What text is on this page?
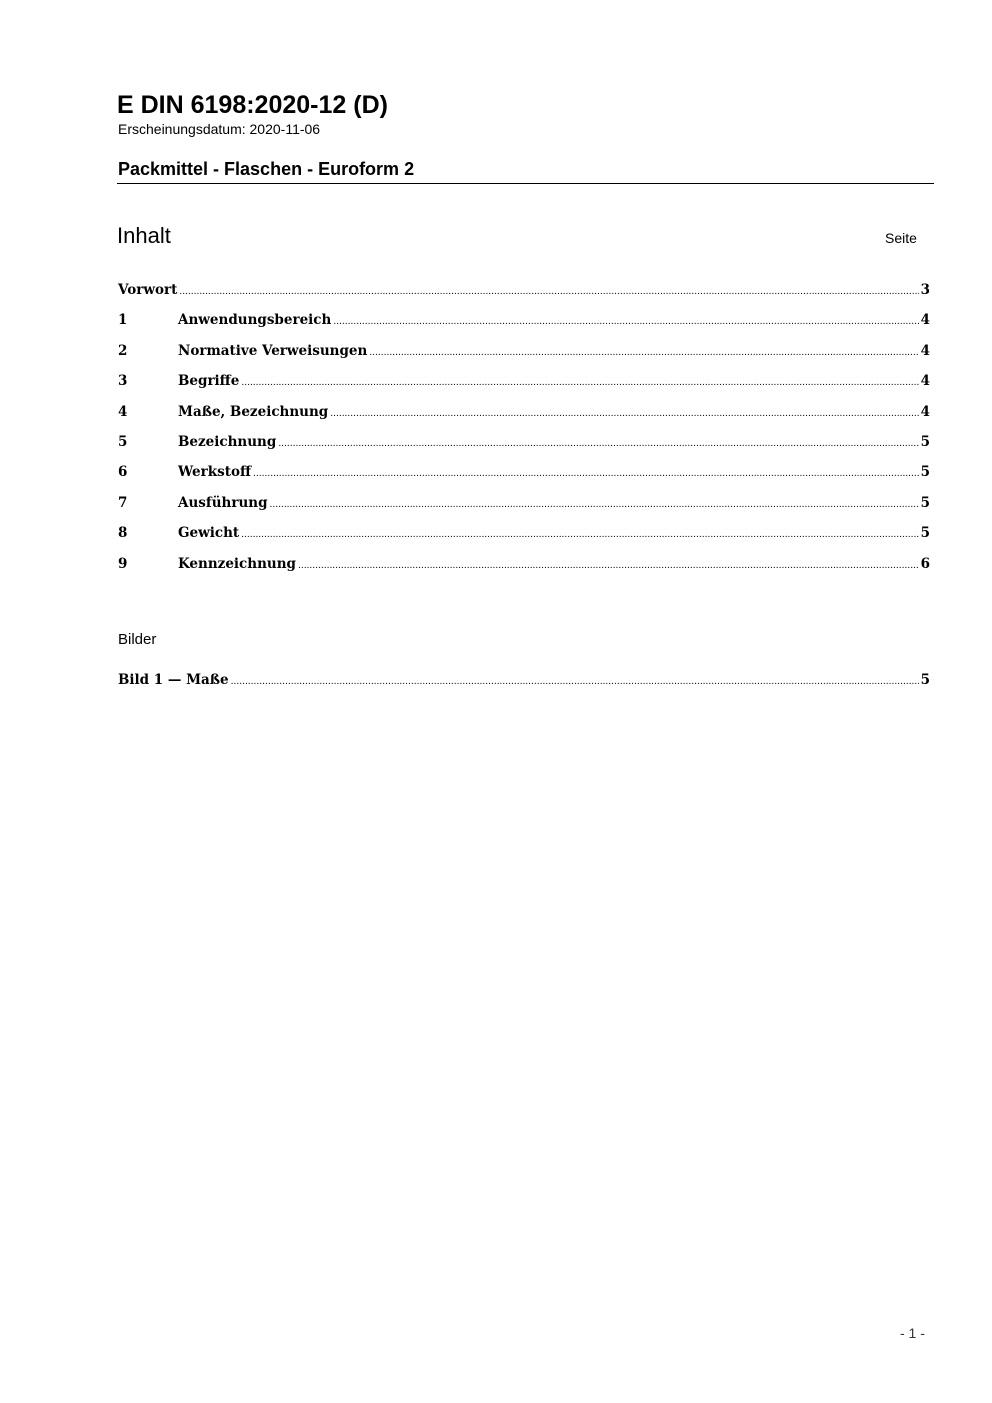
E DIN 6198:2020-12 (D)
Erscheinungsdatum: 2020-11-06
Packmittel - Flaschen - Euroform 2
Inhalt	Seite
Vorwort .....	3
1	Anwendungsbereich .....	4
2	Normative Verweisungen .....	4
3	Begriffe .....	4
4	Maße, Bezeichnung .....	4
5	Bezeichnung .....	5
6	Werkstoff .....	5
7	Ausführung .....	5
8	Gewicht .....	5
9	Kennzeichnung .....	6
Bilder
Bild 1 — Maße .....	5
- 1 -
